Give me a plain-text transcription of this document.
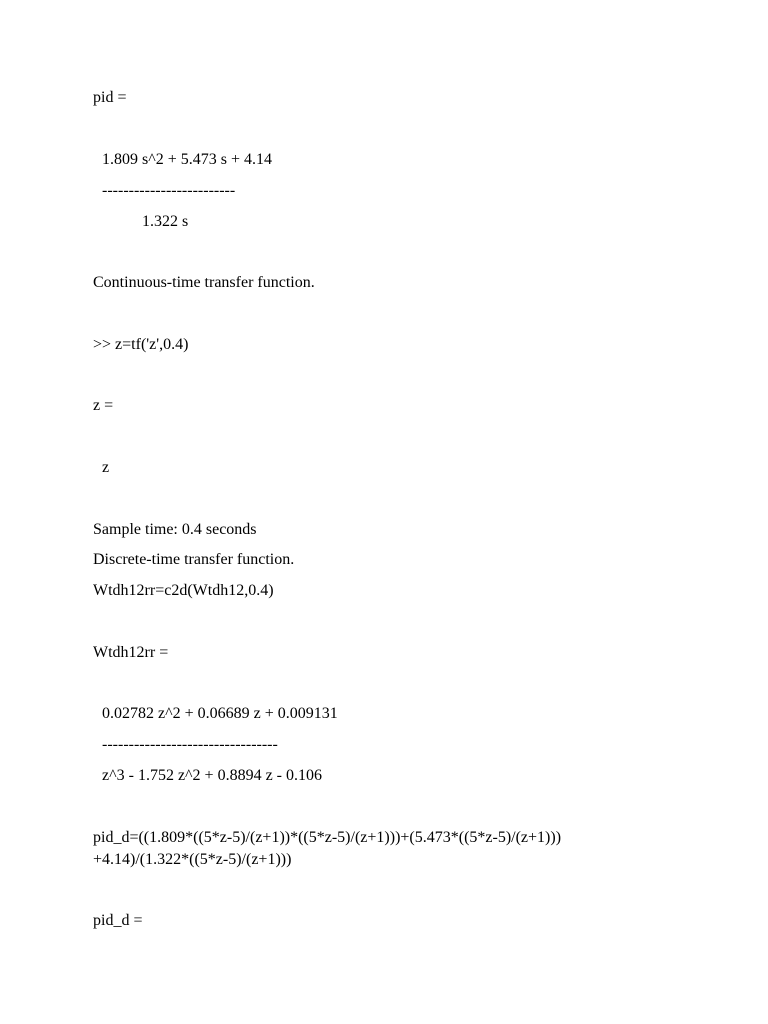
pid =
1.809 s^2 + 5.473 s + 4.14
-------------------------
1.322 s
Continuous-time transfer function.
>> z=tf('z',0.4)
z =
z
Sample time: 0.4 seconds
Discrete-time transfer function.
Wtdh12rr=c2d(Wtdh12,0.4)
Wtdh12rr =
0.02782 z^2 + 0.06689 z + 0.009131
---------------------------------
z^3 - 1.752 z^2 + 0.8894 z - 0.106
pid_d=((1.809*((5*z-5)/(z+1))*((5*z-5)/(z+1)))+(5.473*((5*z-5)/(z+1)))
+4.14)/(1.322*((5*z-5)/(z+1)))
pid_d =
